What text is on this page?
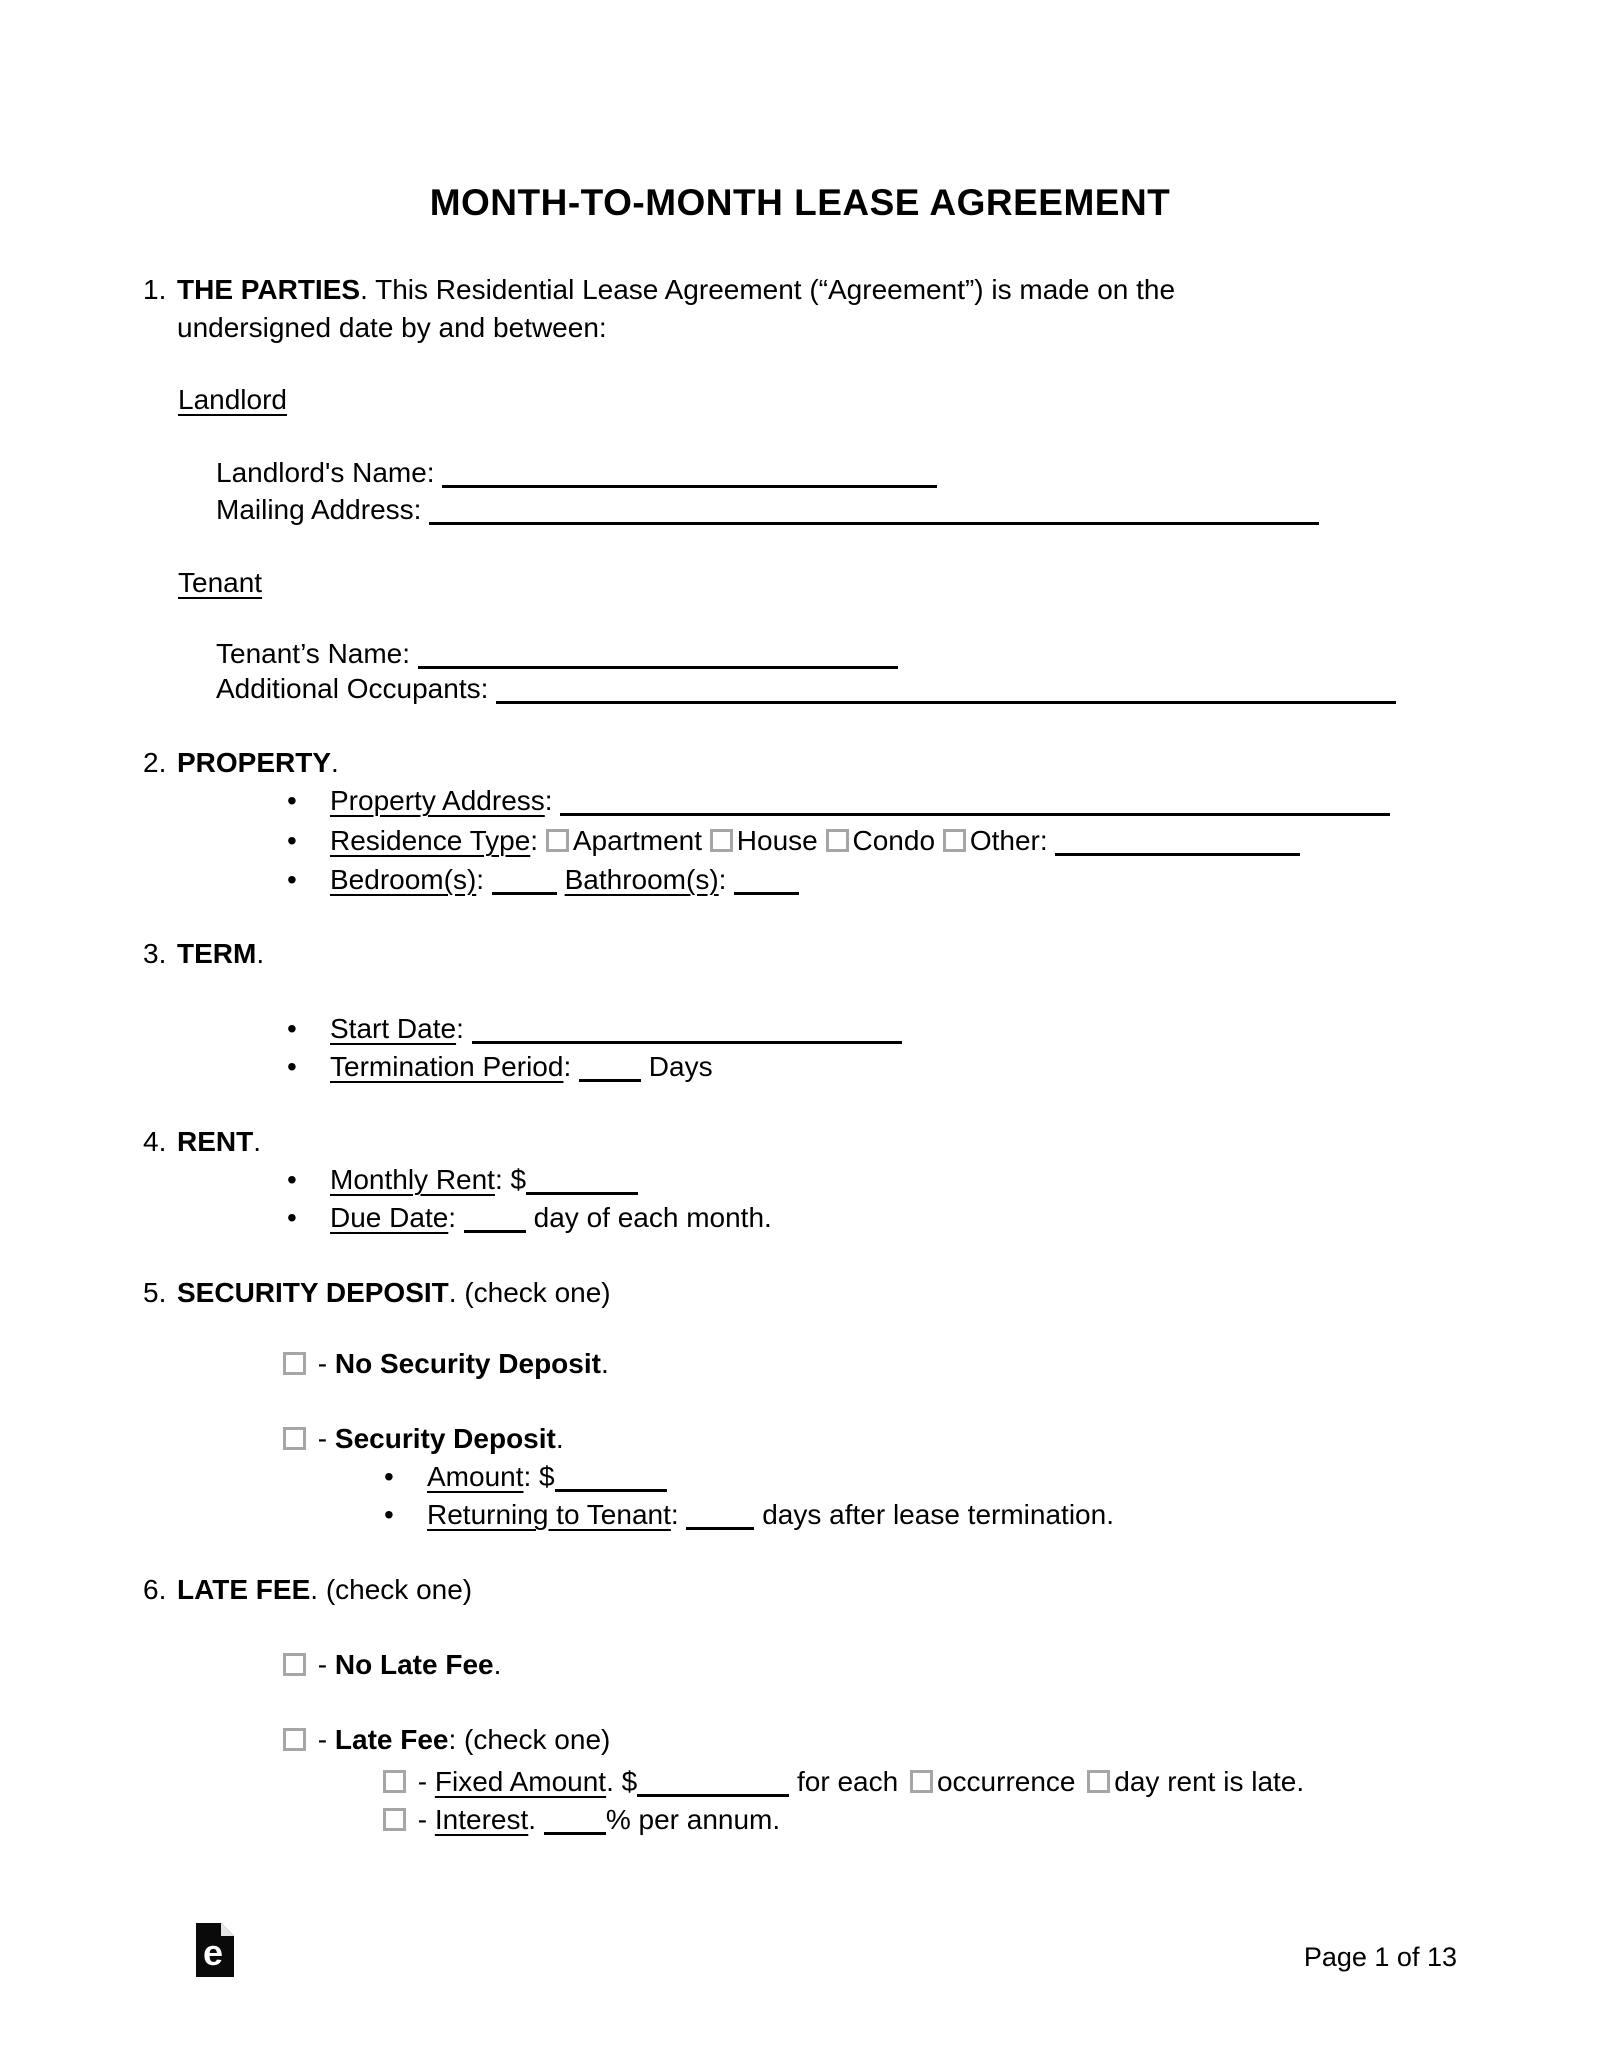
MONTH-TO-MONTH LEASE AGREEMENT
1. THE PARTIES. This Residential Lease Agreement (“Agreement”) is made on the
undersigned date by and between:
Landlord
Landlord's Name:
Mailing Address:
Tenant
Tenant’s Name:
Additional Occupants:
2. PROPERTY.
• Property Address:
• Residence Type: Apartment House Condo Other:
• Bedroom(s):	Bathroom(s):
3. TERM.
• Start Date:
• Termination Period:	Days
4. RENT.
• Monthly Rent: $
• Due Date:	day of each month.
5. SECURITY DEPOSIT. (check one)
- No Security Deposit.
- Security Deposit.
• Amount: $
• Returning to Tenant:	days after lease termination.
6. LATE FEE. (check one)
- No Late Fee.
- Late Fee: (check one)
- Fixed Amount. $	for each occurrence day rent is late.
- Interest. % per annum.
e	Page 1 of 13
